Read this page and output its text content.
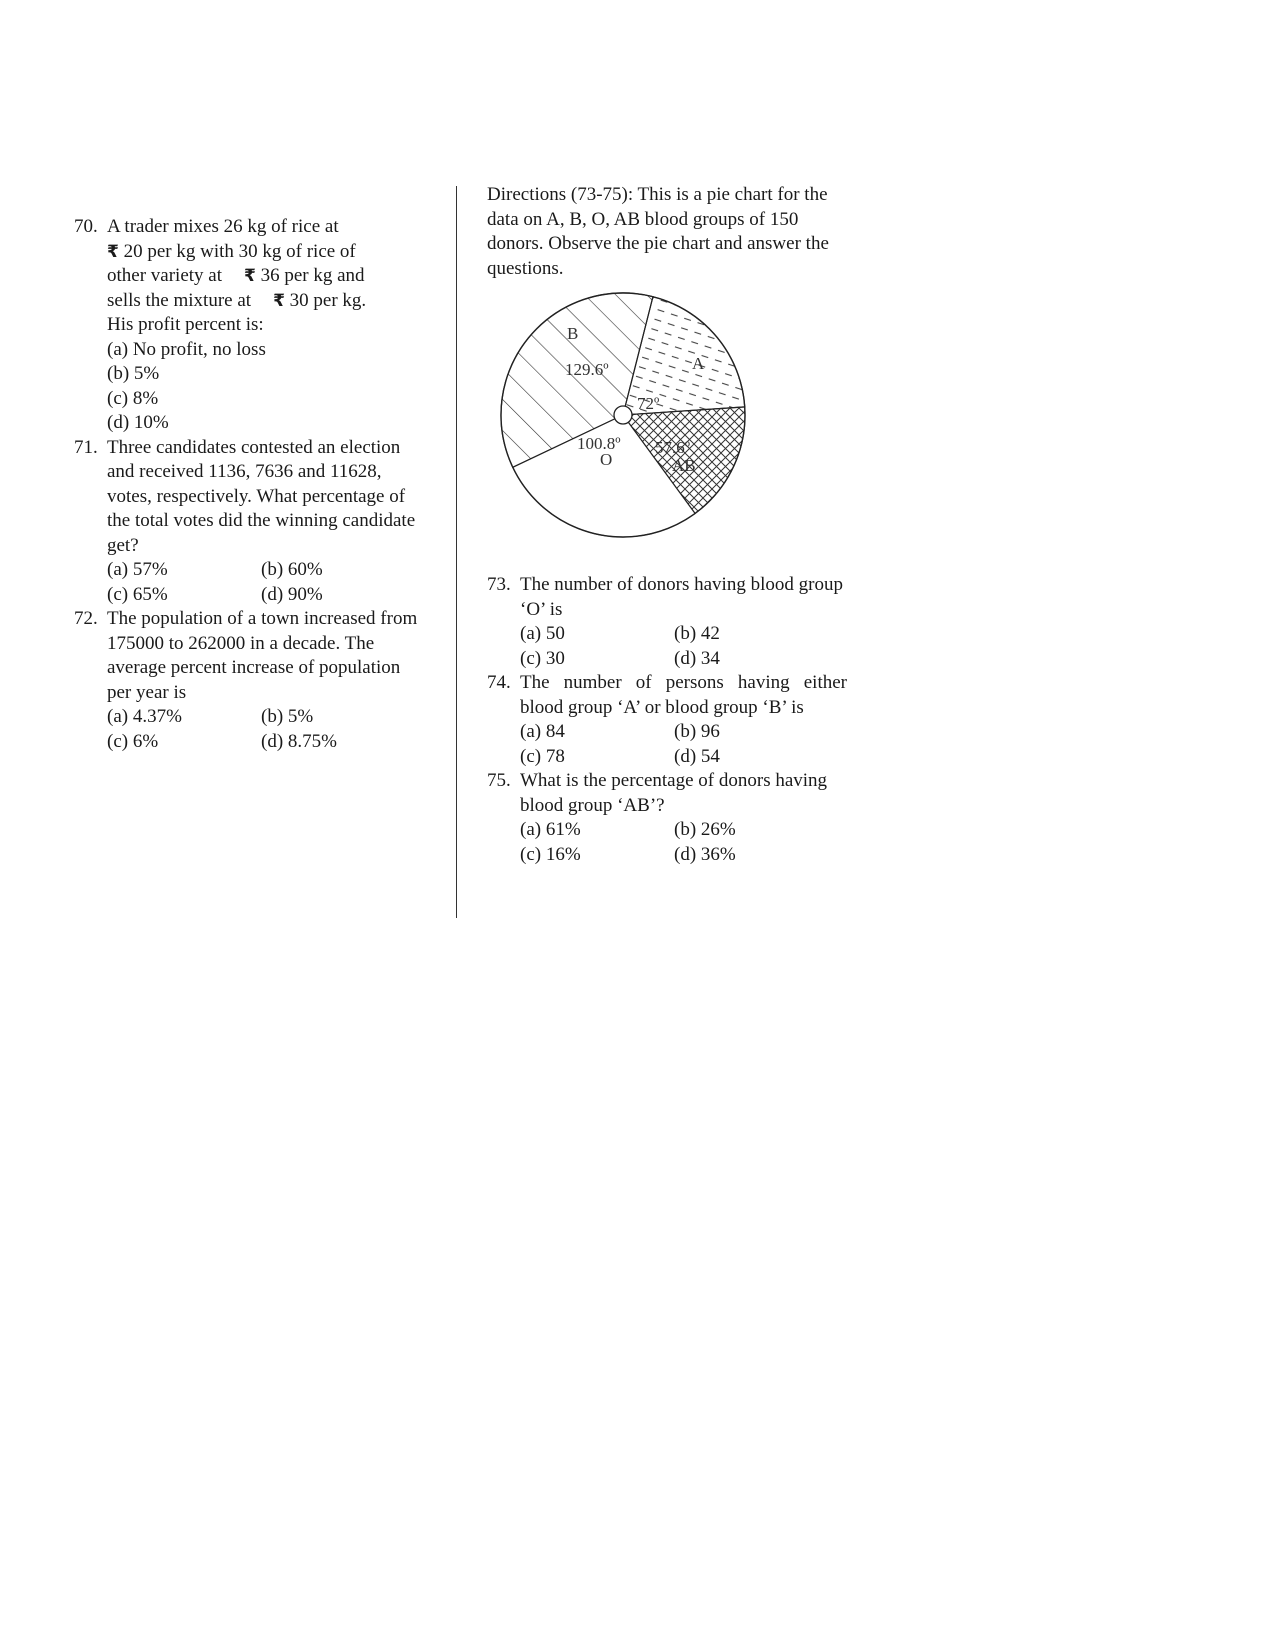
70. A trader mixes 26 kg of rice at
₹ 20 per kg with 30 kg of rice of
other variety at ₹ 36 per kg and
sells the mixture at ₹ 30 per kg.
His profit percent is:
(a) No profit, no loss
(b) 5%
(c) 8%
(d) 10%
71. Three candidates contested an election and received 1136, 7636 and 11628, votes, respectively. What percentage of the total votes did the winning candidate get?
(a) 57%	(b) 60%
(c) 65%	(d) 90%
72. The population of a town increased from 175000 to 262000 in a decade. The average percent increase of population per year is
(a) 4.37%	(b) 5%
(c) 6%	(d) 8.75%
Directions (73-75): This is a pie chart for the data on A, B, O, AB blood groups of 150 donors. Observe the pie chart and answer the questions.
B
129.6º	A
72º
AB
57.6º
O
100.8º
73. The number of donors having blood group ‘O’ is
(a) 50	(b) 42
(c) 30	(d) 34
74. The number of persons having either blood group ‘A’ or blood group ‘B’ is
(a) 84	(b) 96
(c) 78	(d) 54
75. What is the percentage of donors having blood group ‘AB’?
(a) 61%	(b) 26%
(c) 16%	(d) 36%
